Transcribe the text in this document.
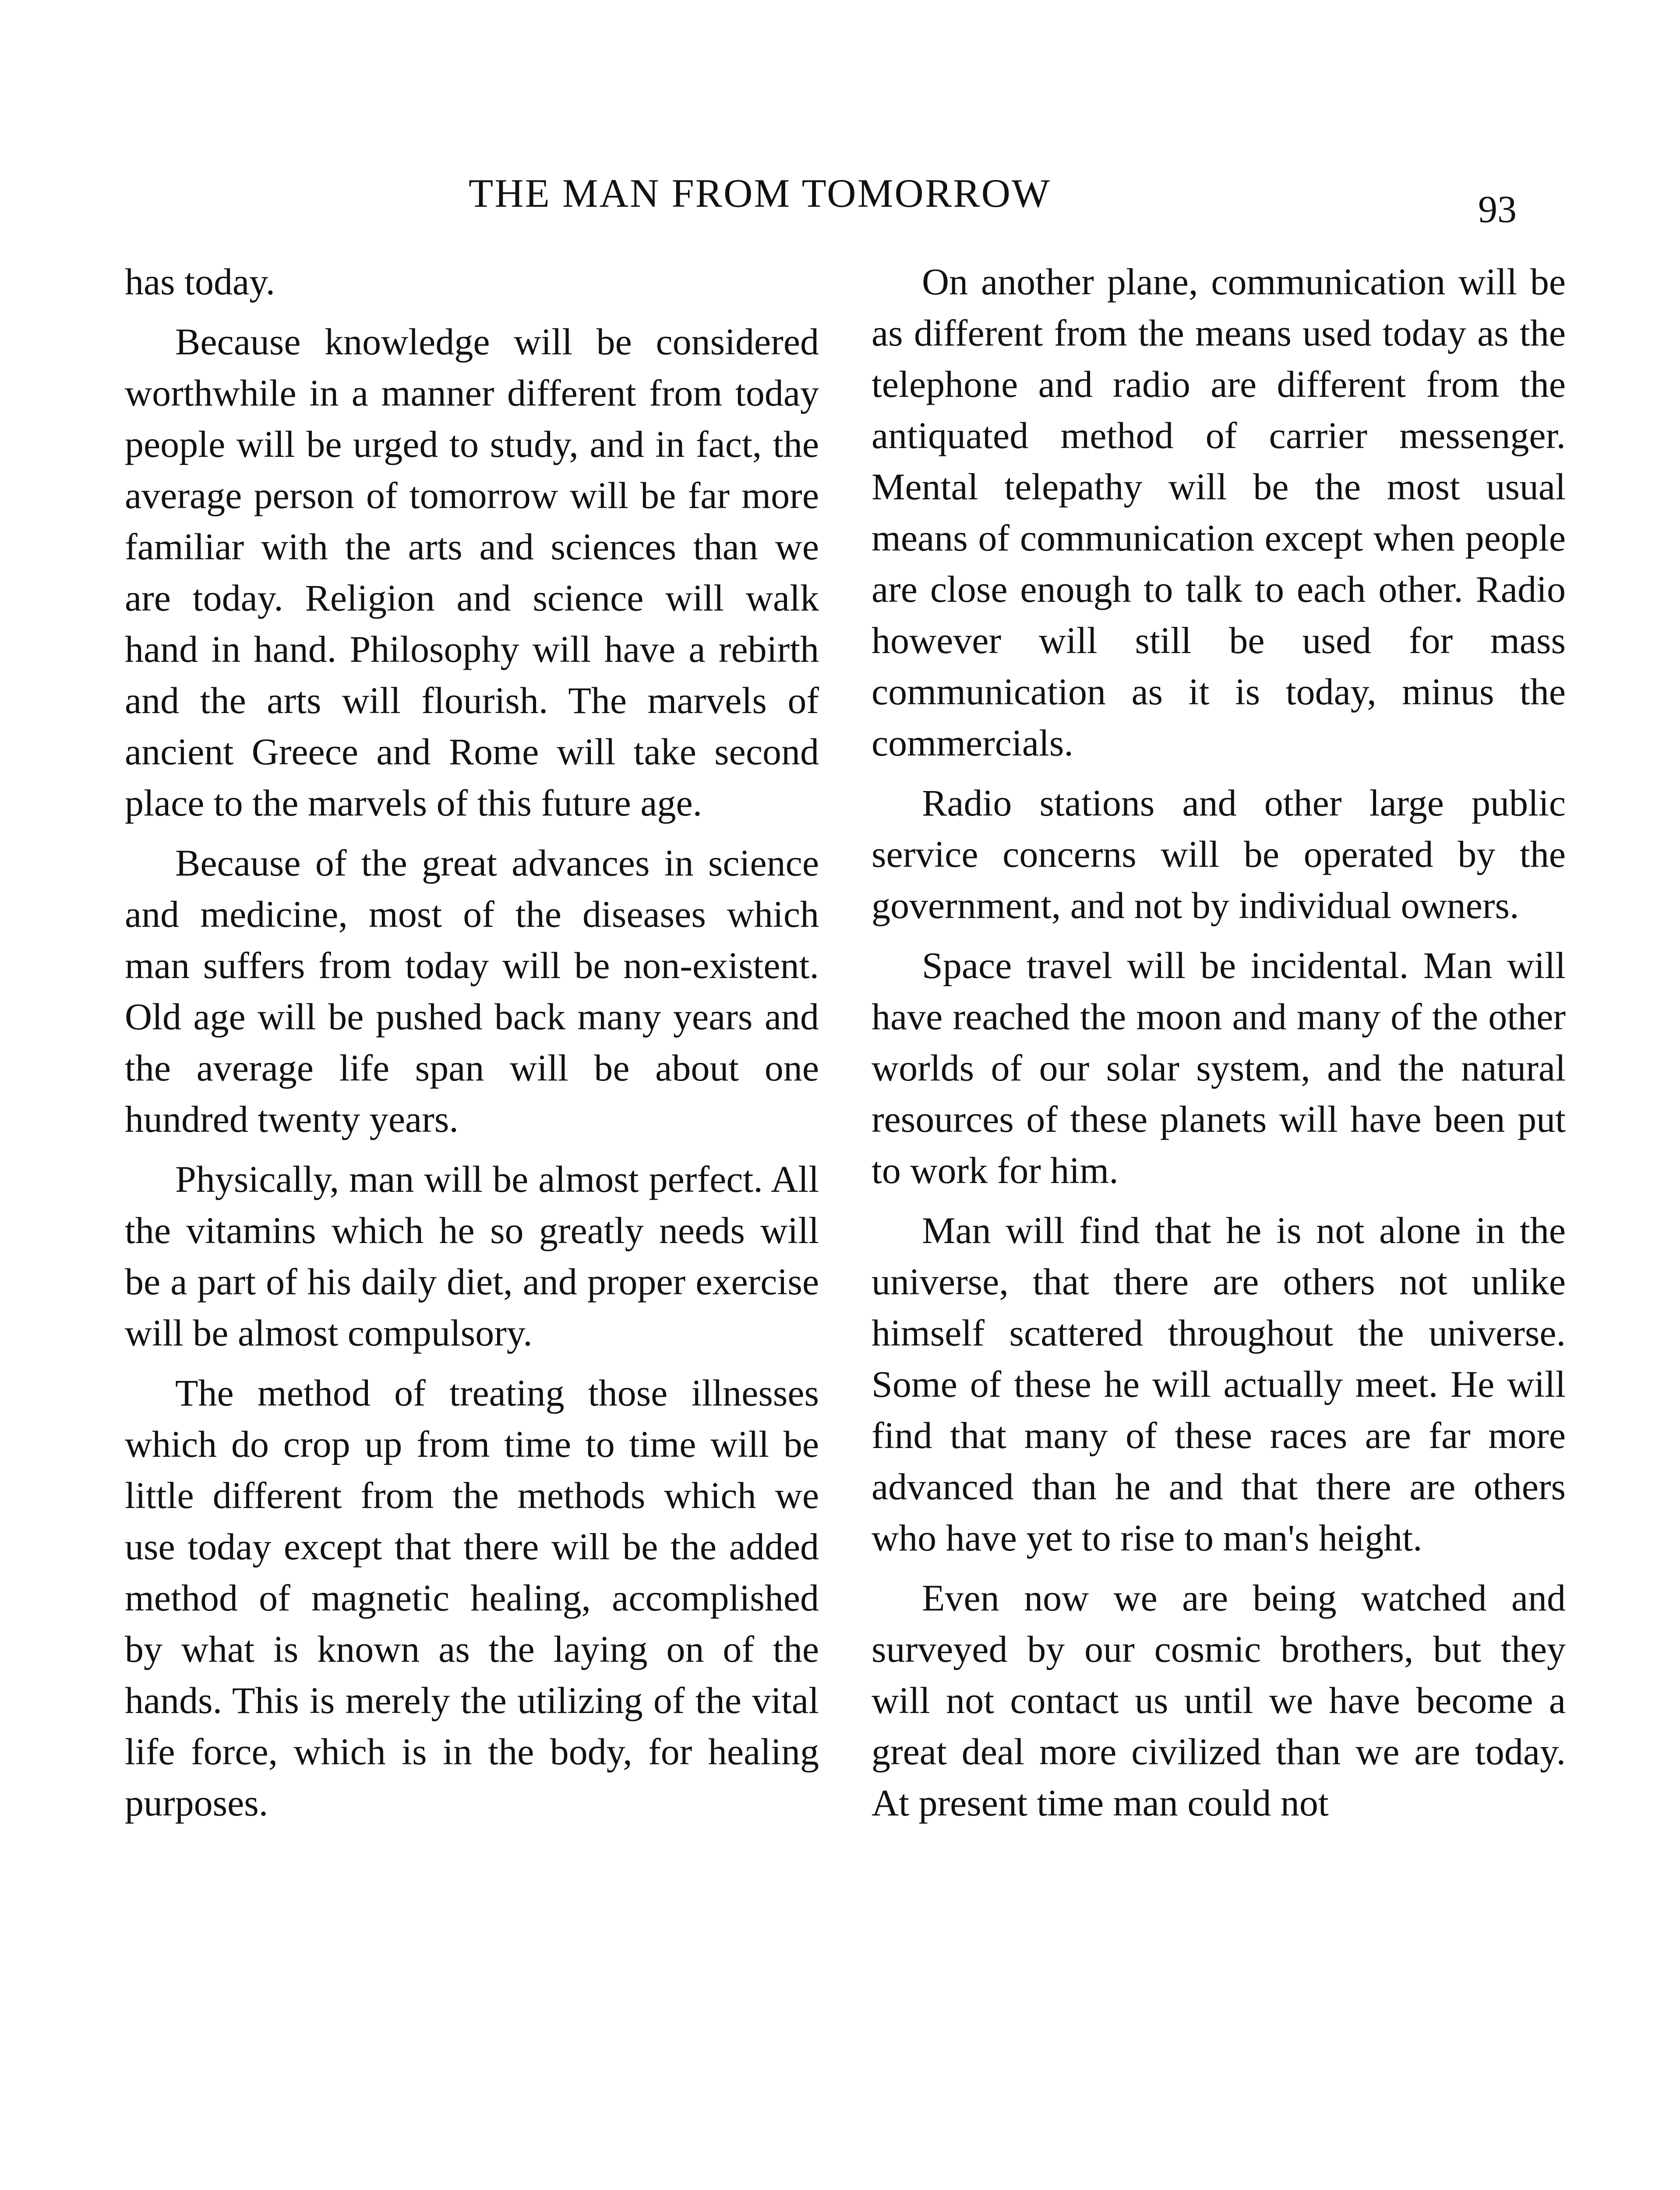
THE MAN FROM TOMORROW	93

has today.

Because knowledge will be considered worthwhile in a manner different from today people will be urged to study, and in fact, the average person of tomorrow will be far more familiar with the arts and sciences than we are today. Religion and science will walk hand in hand. Philosophy will have a rebirth and the arts will flourish. The marvels of ancient Greece and Rome will take second place to the marvels of this future age.

Because of the great advances in science and medicine, most of the diseases which man suffers from today will be non-existent. Old age will be pushed back many years and the average life span will be about one hundred twenty years.

Physically, man will be almost perfect. All the vitamins which he so greatly needs will be a part of his daily diet, and proper exercise will be almost compulsory.

The method of treating those illnesses which do crop up from time to time will be little different from the methods which we use today except that there will be the added method of magnetic healing, accomplished by what is known as the laying on of the hands. This is merely the utilizing of the vital life force, which is in the body, for healing purposes.

On another plane, communication will be as different from the means used today as the telephone and radio are different from the antiquated method of carrier messenger. Mental telepathy will be the most usual means of communication except when people are close enough to talk to each other. Radio however will still be used for mass communication as it is today, minus the commercials.

Radio stations and other large public service concerns will be operated by the government, and not by individual owners.

Space travel will be incidental. Man will have reached the moon and many of the other worlds of our solar system, and the natural resources of these planets will have been put to work for him.

Man will find that he is not alone in the universe, that there are others not unlike himself scattered throughout the universe. Some of these he will actually meet. He will find that many of these races are far more advanced than he and that there are others who have yet to rise to man's height.

Even now we are being watched and surveyed by our cosmic brothers, but they will not contact us until we have become a great deal more civilized than we are today. At present time man could not
